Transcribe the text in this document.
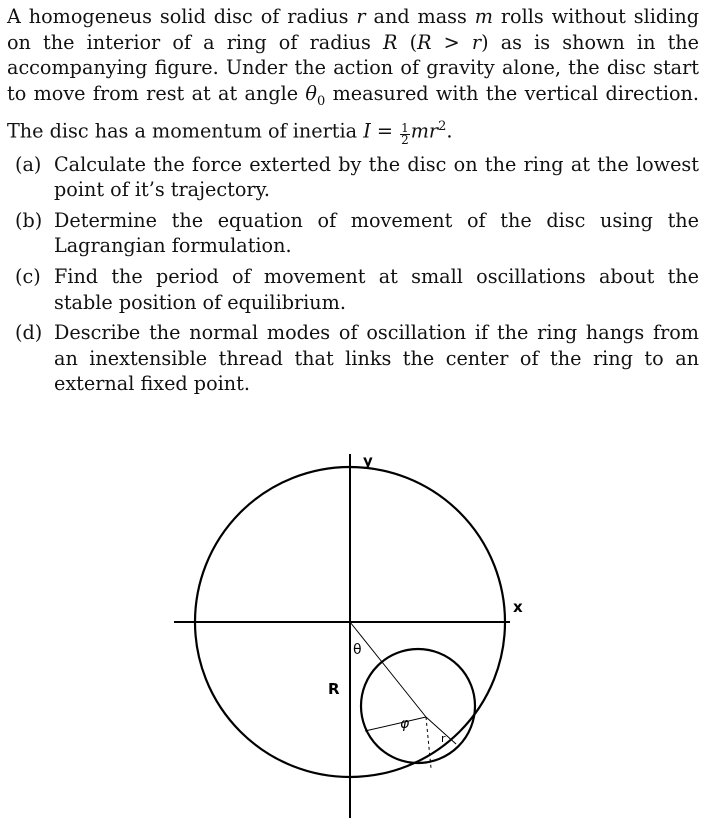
A homogeneus solid disc of radius r and mass m rolls without sliding on the interior of a ring of radius R (R > r) as is shown in the accompanying figure. Under the action of gravity alone, the disc start to move from rest at at angle $\theta_0$ measured with the vertical direction. The disc has a momentum of inertia $I = \frac{1}{2} mr^2$.

(a) Calculate the force exterted by the disc on the ring at the lowest point of it’s trajectory.
(b) Determine the equation of movement of the disc using the Lagrangian formulation.
(c) Find the period of movement at small oscillations about the stable position of equilibrium.
(d) Describe the normal modes of oscillation if the ring hangs from an inextensible thread that links the center of the ring to an external fixed point.
y
x
θ
R
φ
r
